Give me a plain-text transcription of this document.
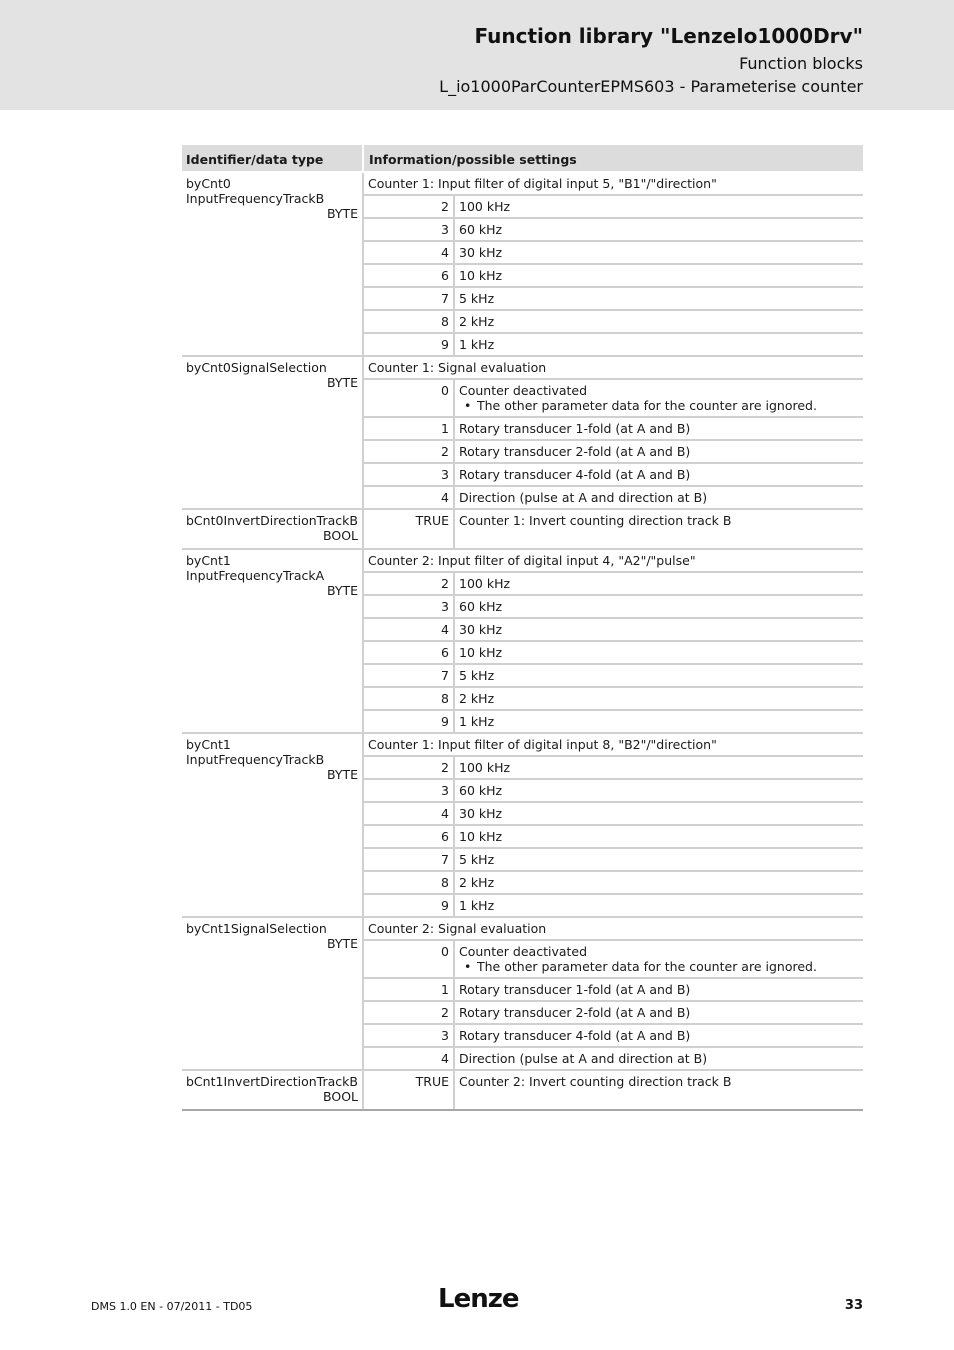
Function library "LenzeIo1000Drv"
Function blocks
L_io1000ParCounterEPMS603 - Parameterise counter
Identifier/data type	Information/possible settings	

byCnt0
InputFrequencyTrackB
BYTE	Counter 1: Input filter of digital input 5, "B1"/"direction"	
	2	100 kHz

	3	60 kHz

	4	30 kHz

	6	10 kHz

	7	5 kHz

	8	2 kHz

	9	1 kHz

byCnt0SignalSelection
BYTE	Counter 1: Signal evaluation	
	0	Counter deactivated
• The other parameter data for the counter are ignored.

	1	Rotary transducer 1-fold (at A and B)

	2	Rotary transducer 2-fold (at A and B)

	3	Rotary transducer 4-fold (at A and B)

	4	Direction (pulse at A and direction at B)

bCnt0InvertDirectionTrackB
BOOL	TRUE	Counter 1: Invert counting direction track B

byCnt1
InputFrequencyTrackA
BYTE	Counter 2: Input filter of digital input 4, "A2"/"pulse"	
	2	100 kHz

	3	60 kHz

	4	30 kHz

	6	10 kHz

	7	5 kHz

	8	2 kHz

	9	1 kHz

byCnt1
InputFrequencyTrackB
BYTE	Counter 1: Input filter of digital input 8, "B2"/"direction"	
	2	100 kHz

	3	60 kHz

	4	30 kHz

	6	10 kHz

	7	5 kHz

	8	2 kHz

	9	1 kHz

byCnt1SignalSelection
BYTE	Counter 2: Signal evaluation	
	0	Counter deactivated
• The other parameter data for the counter are ignored.

	1	Rotary transducer 1-fold (at A and B)

	2	Rotary transducer 2-fold (at A and B)

	3	Rotary transducer 4-fold (at A and B)

	4	Direction (pulse at A and direction at B)

bCnt1InvertDirectionTrackB
BOOL	TRUE	Counter 2: Invert counting direction track B
DMS 1.0 EN - 07/2011 - TD05	Lenze	33
